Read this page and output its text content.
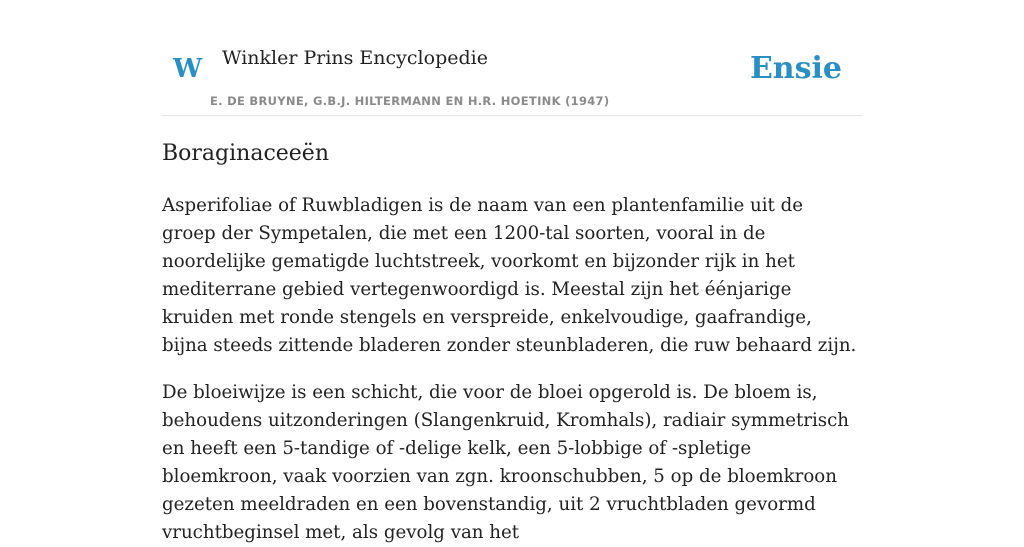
W Winkler Prins Encyclopedie
E. DE BRUYNE, G.B.J. HILTERMANN EN H.R. HOETINK (1947)
Ensie
Boraginaceeën

Asperifoliae of Ruwbladigen is de naam van een plantenfamilie uit de groep der Sympetalen, die met een 1200-tal soorten, vooral in de noordelijke gematigde luchtstreek, voorkomt en bijzonder rijk in het mediterrane gebied vertegenwoordigd is. Meestal zijn het éénjarige kruiden met ronde stengels en verspreide, enkelvoudige, gaafrandige, bijna steeds zittende bladeren zonder steunbladeren, die ruw behaard zijn.

De bloeiwijze is een schicht, die voor de bloei opgerold is. De bloem is, behoudens uitzonderingen (Slangenkruid, Kromhals), radiair symmetrisch en heeft een 5-tandige of -delige kelk, een 5-lobbige of -spletige bloemkroon, vaak voorzien van zgn. kroonschubben, 5 op de bloemkroon gezeten meeldraden en een bovenstandig, uit 2 vruchtbladen gevormd vruchtbeginsel met, als gevolg van het
